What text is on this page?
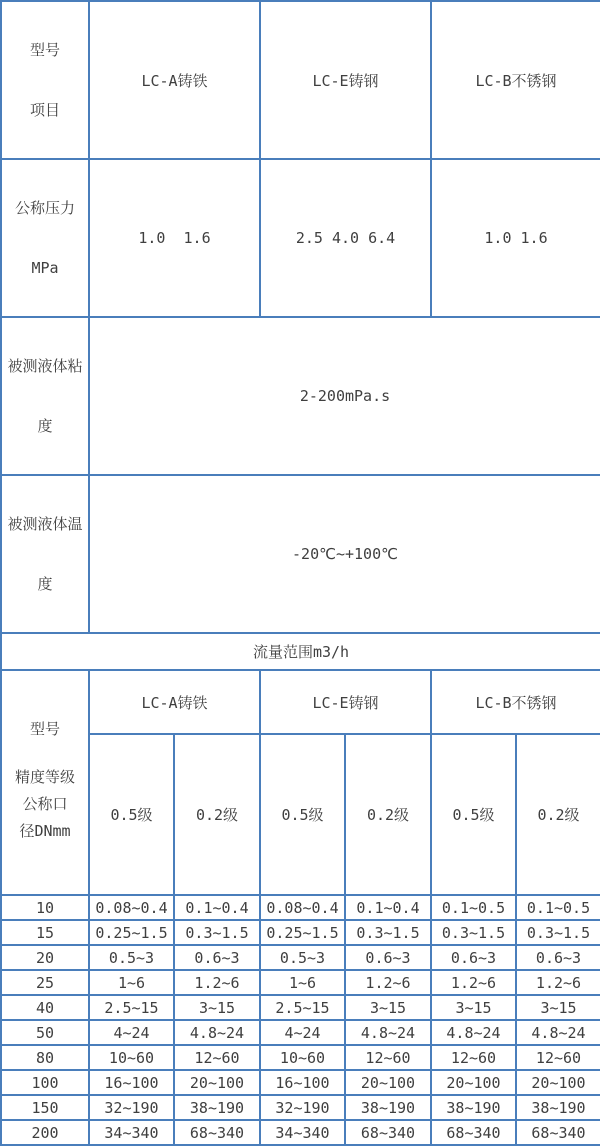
型号

项目	LC-A铸铁		LC-E铸钢		LC-B不锈钢	

公称压力

MPa	1.0  1.6		2.5 4.0 6.4		1.0 1.6	

被测液体粘

度	2-200mPa.s					

被测液体温

度	-20℃~+100℃					
流量范围m3/h						

型号
精度等级
公称口
径DNmm	LC-A铸铁		LC-E铸钢		LC-B不锈钢	
	0.5级	0.2级	0.5级	0.2级	0.5级	0.2级
10	0.08~0.4	0.1~0.4	0.08~0.4	0.1~0.4	0.1~0.5	0.1~0.5
15	0.25~1.5	0.3~1.5	0.25~1.5	0.3~1.5	0.3~1.5	0.3~1.5
20	0.5~3	0.6~3	0.5~3	0.6~3	0.6~3	0.6~3
25	1~6	1.2~6	1~6	1.2~6	1.2~6	1.2~6
40	2.5~15	3~15	2.5~15	3~15	3~15	3~15
50	4~24	4.8~24	4~24	4.8~24	4.8~24	4.8~24
80	10~60	12~60	10~60	12~60	12~60	12~60
100	16~100	20~100	16~100	20~100	20~100	20~100
150	32~190	38~190	32~190	38~190	38~190	38~190
200	34~340	68~340	34~340	68~340	68~340	68~340
